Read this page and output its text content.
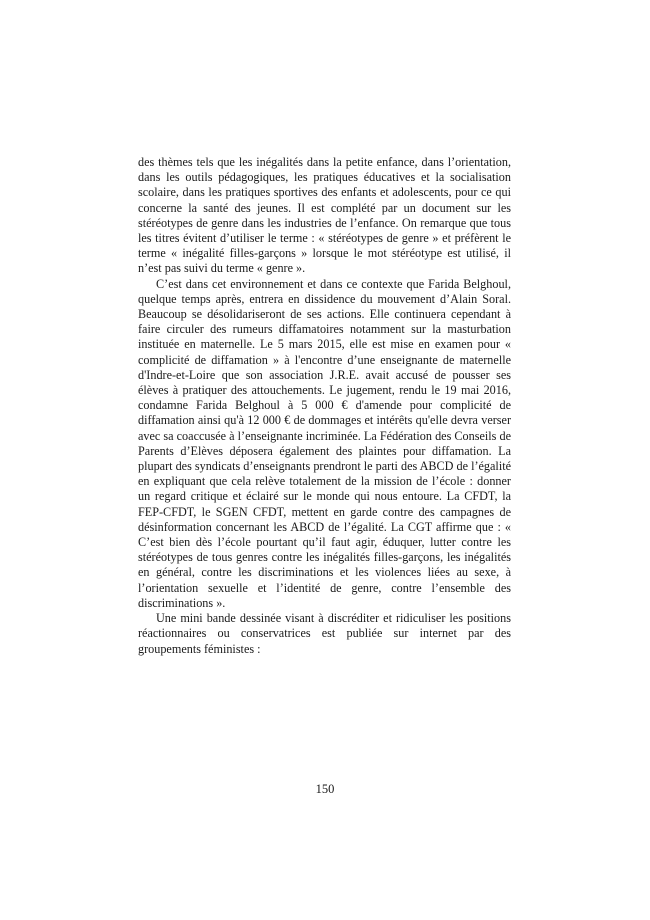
des thèmes tels que les inégalités dans la petite enfance, dans l’orientation, dans les outils pédagogiques, les pratiques éducatives et la socialisation scolaire, dans les pratiques sportives des enfants et adolescents, pour ce qui concerne la santé des jeunes. Il est complété par un document sur les stéréotypes de genre dans les industries de l’enfance. On remarque que tous les titres évitent d’utiliser le terme : « stéréotypes de genre » et préfèrent le terme « inégalité filles-garçons » lorsque le mot stéréotype est utilisé, il n’est pas suivi du terme « genre ».

C’est dans cet environnement et dans ce contexte que Farida Belghoul, quelque temps après, entrera en dissidence du mouvement d’Alain Soral. Beaucoup se désolidariseront de ses actions. Elle continuera cependant à faire circuler des rumeurs diffamatoires notamment sur la masturbation instituée en maternelle. Le 5 mars 2015, elle est mise en examen pour « complicité de diffamation » à l'encontre d’une enseignante de maternelle d'Indre-et-Loire que son association J.R.E. avait accusé de pousser ses élèves à pratiquer des attouchements. Le jugement, rendu le 19 mai 2016, condamne Farida Belghoul à 5 000 € d'amende pour complicité de diffamation ainsi qu'à 12 000 € de dommages et intérêts qu'elle devra verser avec sa coaccusée à l’enseignante incriminée. La Fédération des Conseils de Parents d’Elèves déposera également des plaintes pour diffamation. La plupart des syndicats d’enseignants prendront le parti des ABCD de l’égalité en expliquant que cela relève totalement de la mission de l’école : donner un regard critique et éclairé sur le monde qui nous entoure. La CFDT, la FEP-CFDT, le SGEN CFDT, mettent en garde contre des campagnes de désinformation concernant les ABCD de l’égalité. La CGT affirme que : « C’est bien dès l’école pourtant qu’il faut agir, éduquer, lutter contre les stéréotypes de tous genres contre les inégalités filles-garçons, les inégalités en général, contre les discriminations et les violences liées au sexe, à l’orientation sexuelle et l’identité de genre, contre l’ensemble des discriminations ».

Une mini bande dessinée visant à discréditer et ridiculiser les positions réactionnaires ou conservatrices est publiée sur internet par des groupements féministes :

150
